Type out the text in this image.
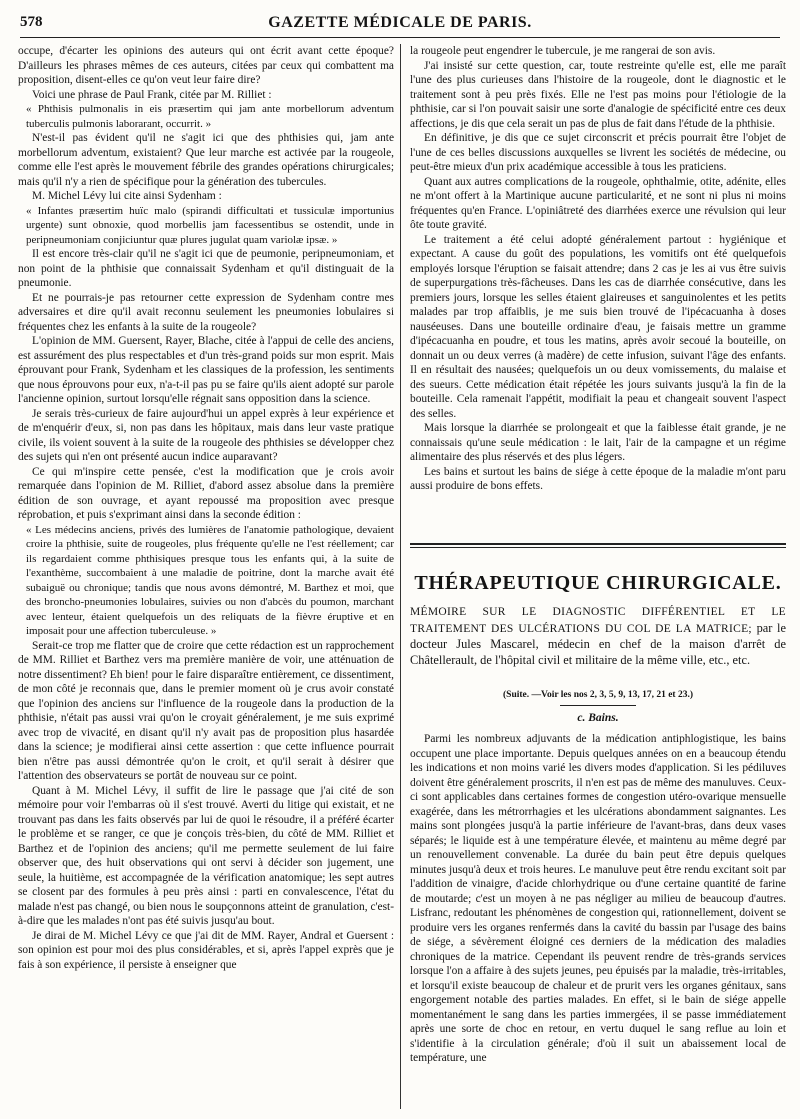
578	GAZETTE MÉDICALE DE PARIS.

occupe, d'écarter les opinions des auteurs qui ont écrit avant cette époque? D'ailleurs les phrases mêmes de ces auteurs, citées par ceux qui combattent ma proposition, disent-elles ce qu'on veut leur faire dire?

Voici une phrase de Paul Frank, citée par M. Rilliet :

« Phthisis pulmonalis in eis præsertim qui jam ante morbellorum adventum tuberculis pulmonis laborarant, occurrit. »

N'est-il pas évident qu'il ne s'agit ici que des phthisies qui, jam ante morbellorum adventum, existaient? Que leur marche est activée par la rougeole, comme elle l'est après le mouvement fébrile des grandes opérations chirurgicales; mais qu'il n'y a rien de spécifique pour la génération des tubercules.

M. Michel Lévy lui cite ainsi Sydenham :

« Infantes præsertim huïc malo (spirandi difficultati et tussiculæ importunius urgente) sunt obnoxie, quod morbellis jam facessentibus se ostendit, unde in peripneumoniam conjiciuntur quæ plures jugulat quam variolæ ipsæ. »

Il est encore très-clair qu'il ne s'agit ici que de peumonie, peripneumoniam, et non point de la phthisie que connaissait Sydenham et qu'il distinguait de la pneumonie.

Et ne pourrais-je pas retourner cette expression de Sydenham contre mes adversaires et dire qu'il avait reconnu seulement les pneumonies lobulaires si fréquentes chez les enfants à la suite de la rougeole?

L'opinion de MM. Guersent, Rayer, Blache, citée à l'appui de celle des anciens, est assurément des plus respectables et d'un très-grand poids sur mon esprit. Mais éprouvant pour Frank, Sydenham et les classiques de la profession, les sentiments que nous éprouvons pour eux, n'a-t-il pas pu se faire qu'ils aient adopté sur parole l'ancienne opinion, surtout lorsqu'elle régnait sans opposition dans la science.

Je serais très-curieux de faire aujourd'hui un appel exprès à leur expérience et de m'enquérir d'eux, si, non pas dans les hôpitaux, mais dans leur vaste pratique civile, ils voient souvent à la suite de la rougeole des phthisies se développer chez des sujets qui n'en ont présenté aucun indice auparavant?

Ce qui m'inspire cette pensée, c'est la modification que je crois avoir remarquée dans l'opinion de M. Rilliet, d'abord assez absolue dans la première édition de son ouvrage, et ayant repoussé ma proposition avec presque réprobation, et puis s'exprimant ainsi dans la seconde édition :

« Les médecins anciens, privés des lumières de l'anatomie pathologique, devaient croire la phthisie, suite de rougeoles, plus fréquente qu'elle ne l'est réellement; car ils regardaient comme phthisiques presque tous les enfants qui, à la suite de l'exanthème, succombaient à une maladie de poitrine, dont la marche avait été subaiguë ou chronique; tandis que nous avons démontré, M. Barthez et moi, que des broncho-pneumonies lobulaires, suivies ou non d'abcès du poumon, marchant avec lenteur, étaient quelquefois un des reliquats de la fièvre éruptive et en imposait pour une affection tuberculeuse. »

Serait-ce trop me flatter que de croire que cette rédaction est un rapprochement de MM. Rilliet et Barthez vers ma première manière de voir, une atténuation de notre dissentiment? Eh bien! pour le faire disparaître entièrement, ce dissentiment, de mon côté je reconnais que, dans le premier moment où je crus avoir constaté que l'opinion des anciens sur l'influence de la rougeole dans la production de la phthisie, n'était pas aussi vrai qu'on le croyait généralement, je me suis exprimé avec trop de vivacité, en disant qu'il n'y avait pas de proposition plus hasardée dans la science; je modifierai ainsi cette assertion : que cette influence pourrait bien n'être pas aussi démontrée qu'on le croit, et qu'il serait à désirer que l'attention des observateurs se portât de nouveau sur ce point.

Quant à M. Michel Lévy, il suffit de lire le passage que j'ai cité de son mémoire pour voir l'embarras où il s'est trouvé. Averti du litige qui existait, et ne trouvant pas dans les faits observés par lui de quoi le résoudre, il a préféré écarter le problème et se ranger, ce que je conçois très-bien, du côté de MM. Rilliet et Barthez et de l'opinion des anciens; qu'il me permette seulement de lui faire observer que, des huit observations qui ont servi à décider son jugement, une seule, la huitième, est accompagnée de la vérification anatomique; les sept autres se closent par des formules à peu près ainsi : parti en convalescence, l'état du malade n'est pas changé, ou bien nous le soupçonnons atteint de granulation, c'est-à-dire que les malades n'ont pas été suivis jusqu'au bout.

Je dirai de M. Michel Lévy ce que j'ai dit de MM. Rayer, Andral et Guersent : son opinion est pour moi des plus considérables, et si, après l'appel exprès que je fais à son expérience, il persiste à enseigner que

la rougeole peut engendrer le tubercule, je me rangerai de son avis.

J'ai insisté sur cette question, car, toute restreinte qu'elle est, elle me paraît l'une des plus curieuses dans l'histoire de la rougeole, dont le diagnostic et le traitement sont à peu près fixés. Elle ne l'est pas moins pour l'étiologie de la phthisie, car si l'on pouvait saisir une sorte d'analogie de spécificité entre ces deux affections, je dis que cela serait un pas de plus de fait dans l'étude de la phthisie.

En définitive, je dis que ce sujet circonscrit et précis pourrait être l'objet de l'une de ces belles discussions auxquelles se livrent les sociétés de médecine, ou peut-être mieux d'un prix académique accessible à tous les praticiens.

Quant aux autres complications de la rougeole, ophthalmie, otite, adénite, elles ne m'ont offert à la Martinique aucune particularité, et ne sont ni plus ni moins fréquentes qu'en France. L'opiniâtreté des diarrhées exerce une révulsion qui leur ôte toute gravité.

Le traitement a été celui adopté généralement partout : hygiénique et expectant. A cause du goût des populations, les vomitifs ont été quelquefois employés lorsque l'éruption se faisait attendre; dans 2 cas je les ai vus être suivis de superpurgations très-fâcheuses. Dans les cas de diarrhée consécutive, dans les premiers jours, lorsque les selles étaient glaireuses et sanguinolentes et les petits malades par trop affaiblis, je me suis bien trouvé de l'ipécacuanha à doses nauséeuses. Dans une bouteille ordinaire d'eau, je faisais mettre un gramme d'ipécacuanha en poudre, et tous les matins, après avoir secoué la bouteille, on donnait un ou deux verres (à madère) de cette infusion, suivant l'âge des enfants. Il en résultait des nausées; quelquefois un ou deux vomissements, du malaise et des sueurs. Cette médication était répétée les jours suivants jusqu'à la fin de la bouteille. Cela ramenait l'appétit, modifiait la peau et changeait souvent l'aspect des selles.

Mais lorsque la diarrhée se prolongeait et que la faiblesse était grande, je ne connaissais qu'une seule médication : le lait, l'air de la campagne et un régime alimentaire des plus réservés et des plus légers.

Les bains et surtout les bains de siége à cette époque de la maladie m'ont paru aussi produire de bons effets.

THÉRAPEUTIQUE CHIRURGICALE.
MÉMOIRE SUR LE DIAGNOSTIC DIFFÉRENTIEL ET LE TRAITEMENT DES ULCÉRATIONS DU COL DE LA MATRICE; par le docteur Jules Mascarel, médecin en chef de la maison d'arrêt de Châtellerault, de l'hôpital civil et militaire de la même ville, etc., etc.
(Suite. —Voir les nos 2, 3, 5, 9, 13, 17, 21 et 23.)
c. Bains.

Parmi les nombreux adjuvants de la médication antiphlogistique, les bains occupent une place importante. Depuis quelques années on en a beaucoup étendu les indications et non moins varié les divers modes d'application. Si les pédiluves doivent être généralement proscrits, il n'en est pas de même des manuluves. Ceux-ci sont applicables dans certaines formes de congestion utéro-ovarique mensuelle exagérée, dans les métrorrhagies et les ulcérations abondamment saignantes. Les mains sont plongées jusqu'à la partie inférieure de l'avant-bras, dans deux vases séparés; le liquide est à une température élevée, et maintenu au même degré par un renouvellement convenable. La durée du bain peut être depuis quelques minutes jusqu'à deux et trois heures. Le manuluve peut être rendu excitant soit par l'addition de vinaigre, d'acide chlorhydrique ou d'une certaine quantité de farine de moutarde; c'est un moyen à ne pas négliger au milieu de beaucoup d'autres. Lisfranc, redoutant les phénomènes de congestion qui, rationnellement, doivent se produire vers les organes renfermés dans la cavité du bassin par l'usage des bains de siége, a sévèrement éloigné ces derniers de la médication des maladies chroniques de la matrice. Cependant ils peuvent rendre de très-grands services lorsque l'on a affaire à des sujets jeunes, peu épuisés par la maladie, très-irritables, et lorsqu'il existe beaucoup de chaleur et de prurit vers les organes génitaux, sans engorgement notable des parties malades. En effet, si le bain de siége appelle momentanément le sang dans les parties immergées, il se passe immédiatement après une sorte de choc en retour, en vertu duquel le sang reflue au loin et s'identifie à la circulation générale; d'où il suit un abaissement local de température, une
